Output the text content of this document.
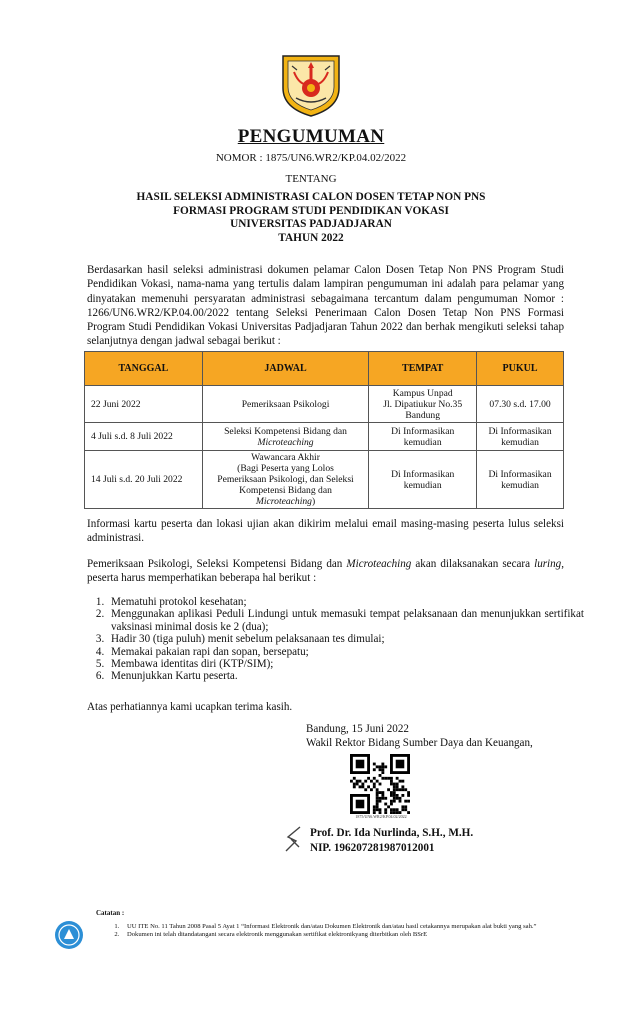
PENGUMUMAN
NOMOR : 1875/UN6.WR2/KP.04.02/2022
TENTANG
HASIL SELEKSI ADMINISTRASI CALON DOSEN TETAP NON PNS
FORMASI PROGRAM STUDI PENDIDIKAN VOKASI
UNIVERSITAS PADJADJARAN
TAHUN 2022
Berdasarkan hasil seleksi administrasi dokumen pelamar Calon Dosen Tetap Non PNS Program Studi Pendidikan Vokasi, nama-nama yang tertulis dalam lampiran pengumuman ini adalah para pelamar yang dinyatakan memenuhi persyaratan administrasi sebagaimana tercantum dalam pengumuman Nomor : 1266/UN6.WR2/KP.04.00/2022 tentang Seleksi Penerimaan Calon Dosen Tetap Non PNS Formasi Program Studi Pendidikan Vokasi Universitas Padjadjaran Tahun 2022 dan berhak mengikuti seleksi tahap selanjutnya dengan jadwal sebagai berikut :
TANGGAL	JADWAL	TEMPAT	PUKUL
22 Juni 2022	Pemeriksaan Psikologi	Kampus Unpad
Jl. Dipatiukur No.35
Bandung	07.30 s.d. 17.00
4 Juli s.d. 8 Juli 2022	Seleksi Kompetensi Bidang dan
Microteaching	Di Informasikan kemudian	Di Informasikan kemudian
14 Juli s.d. 20 Juli 2022	Wawancara Akhir
(Bagi Peserta yang Lolos
Pemeriksaan Psikologi, dan Seleksi
Kompetensi Bidang dan
Microteaching)	Di Informasikan kemudian	Di Informasikan kemudian
Informasi kartu peserta dan lokasi ujian akan dikirim melalui email masing-masing peserta lulus seleksi administrasi.
Pemeriksaan Psikologi, Seleksi Kompetensi Bidang dan Microteaching akan dilaksanakan secara luring, peserta harus memperhatikan beberapa hal berikut :
1. Mematuhi protokol kesehatan;
2. Menggunakan aplikasi Peduli Lindungi untuk memasuki tempat pelaksanaan dan menunjukkan sertifikat vaksinasi minimal dosis ke 2 (dua);
3. Hadir 30 (tiga puluh) menit sebelum pelaksanaan tes dimulai;
4. Memakai pakaian rapi dan sopan, bersepatu;
5. Membawa identitas diri (KTP/SIM);
6. Menunjukkan Kartu peserta.
Atas perhatiannya kami ucapkan terima kasih.
Bandung, 15 Juni 2022
Wakil Rektor Bidang Sumber Daya dan Keuangan,
1875/UN6.WR2/KP.04.02/2022
Prof. Dr. Ida Nurlinda, S.H., M.H.
NIP. 196207281987012001
Catatan :
1. UU ITE No. 11 Tahun 2008 Pasal 5 Ayat 1 “Informasi Elektronik dan/atau Dokumen Elektronik dan/atau hasil cetakannya merupakan alat bukti yang sah.”
2. Dokumen ini telah ditandatangani secara elektronik menggunakan sertifikat elektronikyang diterbitkan oleh BSrE
